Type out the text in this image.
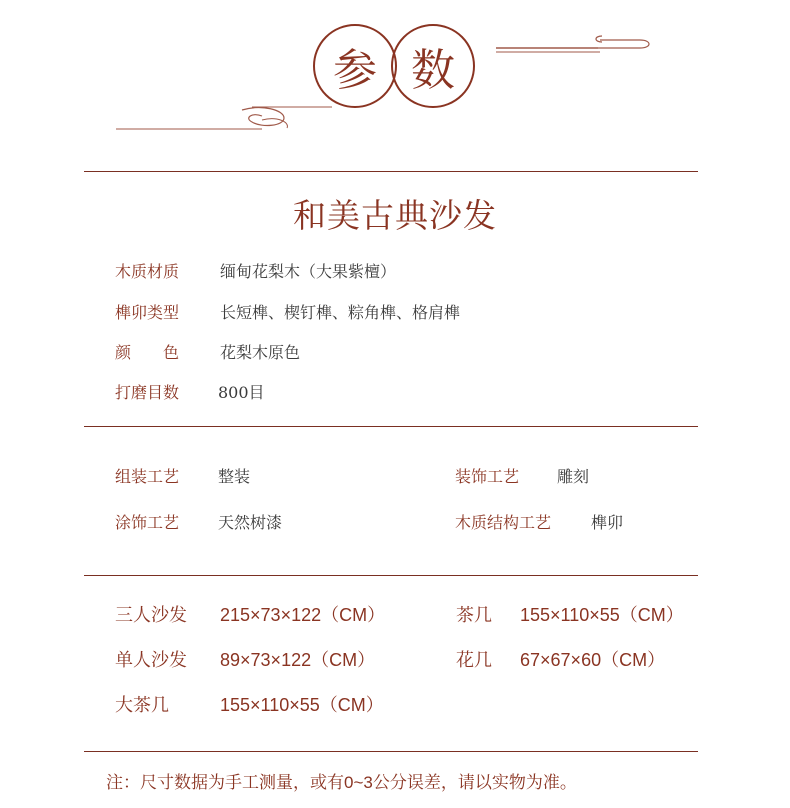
参 数
和美古典沙发
木质材质	缅甸花梨木（大果紫檀）
榫卯类型	长短榫、楔钉榫、粽角榫、格肩榫
颜　　色	花梨木原色
打磨目数 800目
组装工艺 整装	装饰工艺 雕刻
涂饰工艺 天然树漆	木质结构工艺 榫卯
三人沙发 215×73×122（CM）	茶几 155×110×55（CM）
单人沙发 89×73×122（CM）	花几 67×67×60（CM）
大茶几	155×110×55（CM）
注：尺寸数据为手工测量，或有0~3公分误差，请以实物为准。
